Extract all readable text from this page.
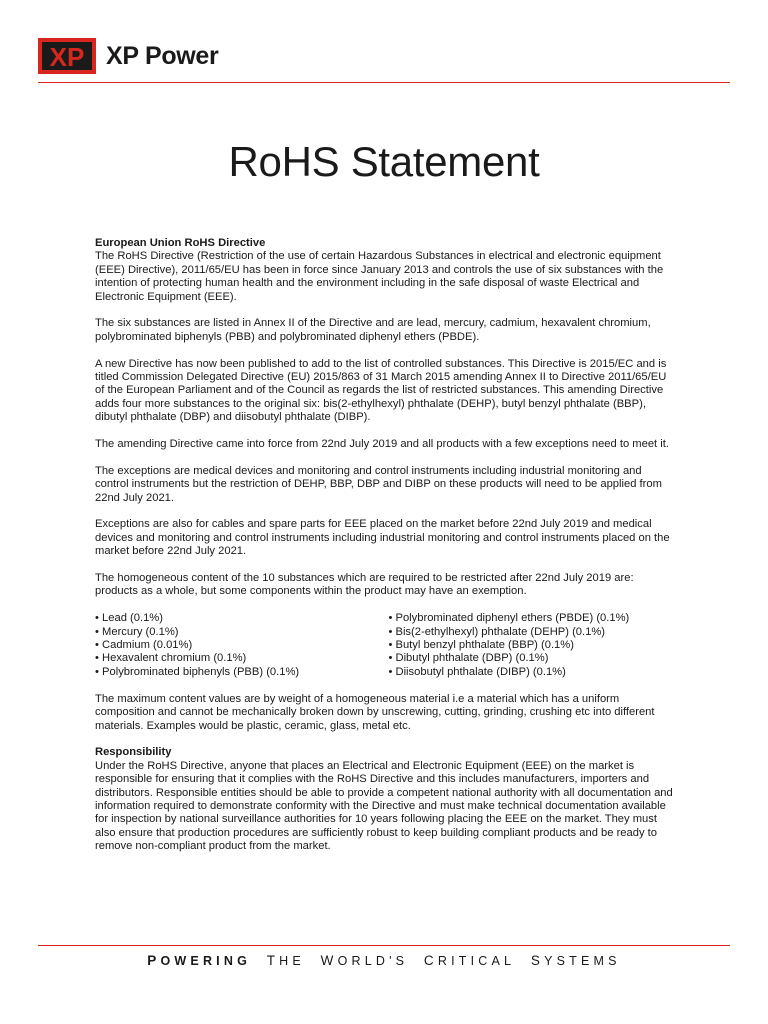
XP XP Power
RoHS Statement
European Union RoHS Directive

The RoHS Directive (Restriction of the use of certain Hazardous Substances in electrical and electronic equipment (EEE) Directive), 2011/65/EU has been in force since January 2013 and controls the use of six substances with the intention of protecting human health and the environment including in the safe disposal of waste Electrical and Electronic Equipment (EEE).

The six substances are listed in Annex II of the Directive and are lead, mercury, cadmium, hexavalent chromium, polybrominated biphenyls (PBB) and polybrominated diphenyl ethers (PBDE).

A new Directive has now been published to add to the list of controlled substances. This Directive is 2015/EC and is titled Commission Delegated Directive (EU) 2015/863 of 31 March 2015 amending Annex II to Directive 2011/65/EU of the European Parliament and of the Council as regards the list of restricted substances. This amending Directive adds four more substances to the original six: bis(2-ethylhexyl) phthalate (DEHP), butyl benzyl phthalate (BBP), dibutyl phthalate (DBP) and diisobutyl phthalate (DIBP).

The amending Directive came into force from 22nd July 2019 and all products with a few exceptions need to meet it.

The exceptions are medical devices and monitoring and control instruments including industrial monitoring and control instruments but the restriction of DEHP, BBP, DBP and DIBP on these products will need to be applied from 22nd July 2021.

Exceptions are also for cables and spare parts for EEE placed on the market before 22nd July 2019 and medical devices and monitoring and control instruments including industrial monitoring and control instruments placed on the market before 22nd July 2021.

The homogeneous content of the 10 substances which are required to be restricted after 22nd July 2019 are: products as a whole, but some components within the product may have an exemption.

• Lead (0.1%)
• Mercury (0.1%)
• Cadmium (0.01%)
• Hexavalent chromium (0.1%)
• Polybrominated biphenyls (PBB) (0.1%)
• Polybrominated diphenyl ethers (PBDE) (0.1%)
• Bis(2-ethylhexyl) phthalate (DEHP) (0.1%)
• Butyl benzyl phthalate (BBP) (0.1%)
• Dibutyl phthalate (DBP) (0.1%)
• Diisobutyl phthalate (DIBP) (0.1%)

The maximum content values are by weight of a homogeneous material i.e a material which has a uniform composition and cannot be mechanically broken down by unscrewing, cutting, grinding, crushing etc into different materials. Examples would be plastic, ceramic, glass, metal etc.

Responsibility

Under the RoHS Directive, anyone that places an Electrical and Electronic Equipment (EEE) on the market is responsible for ensuring that it complies with the RoHS Directive and this includes manufacturers, importers and distributors. Responsible entities should be able to provide a competent national authority with all documentation and information required to demonstrate conformity with the Directive and must make technical documentation available for inspection by national surveillance authorities for 10 years following placing the EEE on the market. They must also ensure that production procedures are sufficiently robust to keep building compliant products and be ready to remove non-compliant product from the market.

POWERING THE WORLD'S CRITICAL SYSTEMS
